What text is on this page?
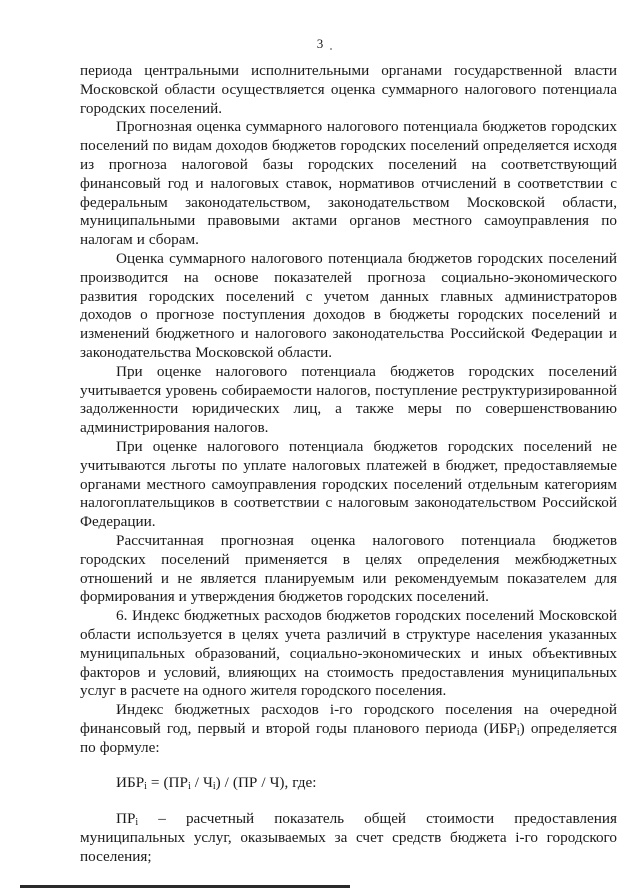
3

периода центральными исполнительными органами государственной власти Московской области осуществляется оценка суммарного налогового потенциала городских поселений.

Прогнозная оценка суммарного налогового потенциала бюджетов городских поселений по видам доходов бюджетов городских поселений определяется исходя из прогноза налоговой базы городских поселений на соответствующий финансовый год и налоговых ставок, нормативов отчислений в соответствии с федеральным законодательством, законодательством Московской области, муниципальными правовыми актами органов местного самоуправления по налогам и сборам.

Оценка суммарного налогового потенциала бюджетов городских поселений производится на основе показателей прогноза социально-экономического развития городских поселений с учетом данных главных администраторов доходов о прогнозе поступления доходов в бюджеты городских поселений и изменений бюджетного и налогового законодательства Российской Федерации и законодательства Московской области.

При оценке налогового потенциала бюджетов городских поселений учитывается уровень собираемости налогов, поступление реструктуризированной задолженности юридических лиц, а также меры по совершенствованию администрирования налогов.

При оценке налогового потенциала бюджетов городских поселений не учитываются льготы по уплате налоговых платежей в бюджет, предоставляемые органами местного самоуправления городских поселений отдельным категориям налогоплательщиков в соответствии с налоговым законодательством Российской Федерации.

Рассчитанная прогнозная оценка налогового потенциала бюджетов городских поселений применяется в целях определения межбюджетных отношений и не является планируемым или рекомендуемым показателем для формирования и утверждения бюджетов городских поселений.

6. Индекс бюджетных расходов бюджетов городских поселений Московской области используется в целях учета различий в структуре населения указанных муниципальных образований, социально-экономических и иных объективных факторов и условий, влияющих на стоимость предоставления муниципальных услуг в расчете на одного жителя городского поселения.

Индекс бюджетных расходов i-го городского поселения на очередной финансовый год, первый и второй годы планового периода $(ИБР_i)$ определяется по формуле:

$ИБР_i = (ПР_i / Ч_i) / (ПР / Ч)$, где:

$ПР_i$ – расчетный показатель общей стоимости предоставления муниципальных услуг, оказываемых за счет средств бюджета i-го городского поселения;
